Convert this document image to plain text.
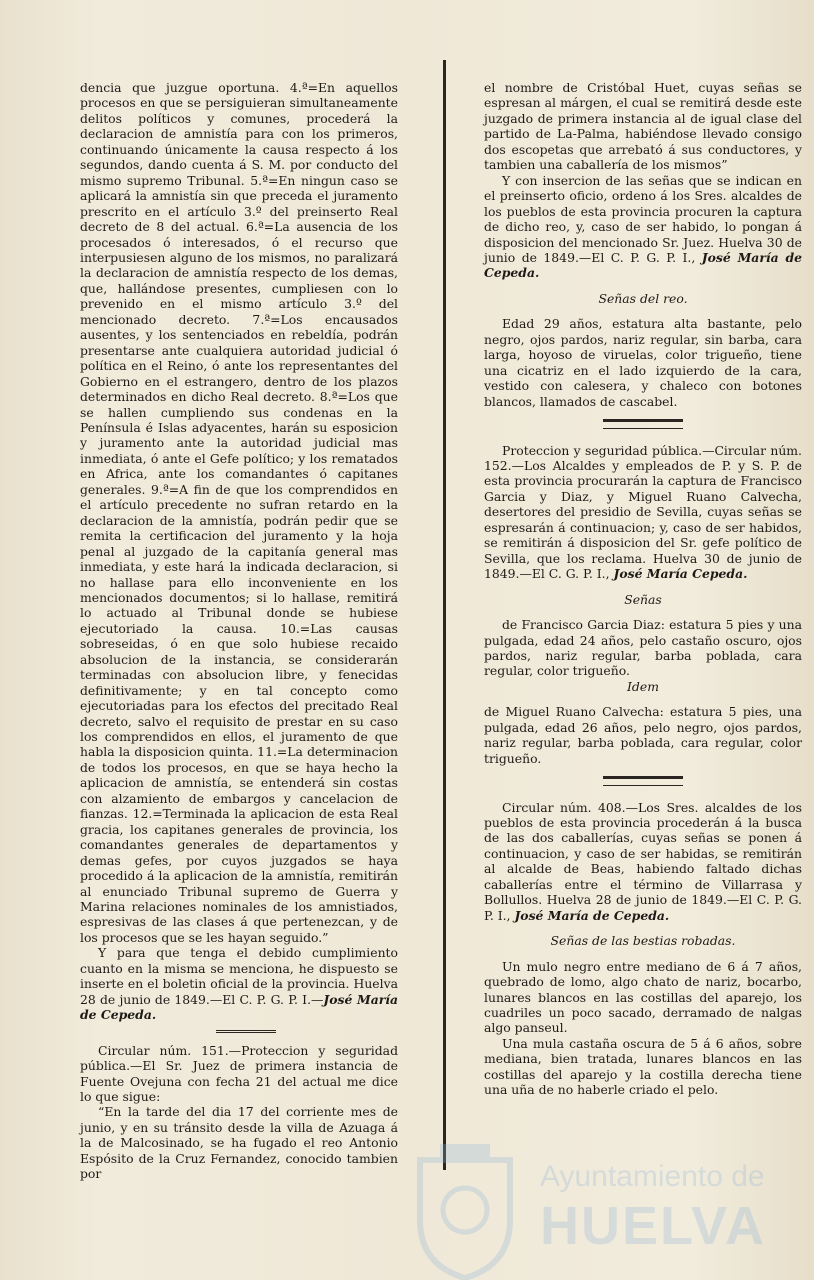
dencia que juzgue oportuna. 4.ª=En aquellos procesos en que se persiguieran simultaneamente delitos políticos y comunes, procederá la declaracion de amnistía para con los primeros, continuando únicamente la causa respecto á los segundos, dando cuenta á S. M. por conducto del mismo supremo Tribunal. 5.ª=En ningun caso se aplicará la amnistía sin que preceda el juramento prescrito en el artículo 3.º del preinserto Real decreto de 8 del actual. 6.ª=La ausencia de los procesados ó interesados, ó el recurso que interpusiesen alguno de los mismos, no paralizará la declaracion de amnistía respecto de los demas, que, hallándose presentes, cumpliesen con lo prevenido en el mismo artículo 3.º del mencionado decreto. 7.ª=Los encausados ausentes, y los sentenciados en rebeldía, podrán presentarse ante cualquiera autoridad judicial ó política en el Reino, ó ante los representantes del Gobierno en el estrangero, dentro de los plazos determinados en dicho Real decreto. 8.ª=Los que se hallen cumpliendo sus condenas en la Península é Islas adyacentes, harán su esposicion y juramento ante la autoridad judicial mas inmediata, ó ante el Gefe político; y los rematados en Africa, ante los comandantes ó capitanes generales. 9.ª=A fin de que los comprendidos en el artículo precedente no sufran retardo en la declaracion de la amnistía, podrán pedir que se remita la certificacion del juramento y la hoja penal al juzgado de la capitanía general mas inmediata, y este hará la indicada declaracion, si no hallase para ello inconveniente en los mencionados documentos; si lo hallase, remitirá lo actuado al Tribunal donde se hubiese ejecutoriado la causa. 10.=Las causas sobreseidas, ó en que solo hubiese recaido absolucion de la instancia, se considerarán terminadas con absolucion libre, y fenecidas definitivamente; y en tal concepto como ejecutoriadas para los efectos del precitado Real decreto, salvo el requisito de prestar en su caso los comprendidos en ellos, el juramento de que habla la disposicion quinta. 11.=La determinacion de todos los procesos, en que se haya hecho la aplicacion de amnistía, se entenderá sin costas con alzamiento de embargos y cancelacion de fianzas. 12.=Terminada la aplicacion de esta Real gracia, los capitanes generales de provincia, los comandantes generales de departamentos y demas gefes, por cuyos juzgados se haya procedido á la aplicacion de la amnistía, remitirán al enunciado Tribunal supremo de Guerra y Marina relaciones nominales de los amnistiados, espresivas de las clases á que pertenezcan, y de los procesos que se les hayan seguido.”

Y para que tenga el debido cumplimiento cuanto en la misma se menciona, he dispuesto se inserte en el boletin oficial de la provincia. Huelva 28 de junio de 1849.—El C. P. G. P. I.—José María de Cepeda.

Circular núm. 151.—Proteccion y seguridad pública.—El Sr. Juez de primera instancia de Fuente Ovejuna con fecha 21 del actual me dice lo que sigue:

“En la tarde del dia 17 del corriente mes de junio, y en su tránsito desde la villa de Azuaga á la de Malcosinado, se ha fugado el reo Antonio Espósito de la Cruz Fernandez, conocido tambien por

el nombre de Cristóbal Huet, cuyas señas se espresan al márgen, el cual se remitirá desde este juzgado de primera instancia al de igual clase del partido de La-Palma, habiéndose llevado consigo dos escopetas que arrebató á sus conductores, y tambien una caballería de los mismos”

Y con insercion de las señas que se indican en el preinserto oficio, ordeno á los Sres. alcaldes de los pueblos de esta provincia procuren la captura de dicho reo, y, caso de ser habido, lo pongan á disposicion del mencionado Sr. Juez. Huelva 30 de junio de 1849.—El C. P. G. P. I., José María de Cepeda.

Señas del reo.

Edad 29 años, estatura alta bastante, pelo negro, ojos pardos, nariz regular, sin barba, cara larga, hoyoso de viruelas, color trigueño, tiene una cicatriz en el lado izquierdo de la cara, vestido con calesera, y chaleco con botones blancos, llamados de cascabel.

Proteccion y seguridad pública.—Circular núm. 152.—Los Alcaldes y empleados de P. y S. P. de esta provincia procurarán la captura de Francisco Garcia y Diaz, y Miguel Ruano Calvecha, desertores del presidio de Sevilla, cuyas señas se espresarán á continuacion; y, caso de ser habidos, se remitirán á disposicion del Sr. gefe político de Sevilla, que los reclama. Huelva 30 de junio de 1849.—El C. G. P. I., José María Cepeda.

Señas

de Francisco Garcia Diaz: estatura 5 pies y una pulgada, edad 24 años, pelo castaño oscuro, ojos pardos, nariz regular, barba poblada, cara regular, color trigueño.

Idem

de Miguel Ruano Calvecha: estatura 5 pies, una pulgada, edad 26 años, pelo negro, ojos pardos, nariz regular, barba poblada, cara regular, color trigueño.

Circular núm. 408.—Los Sres. alcaldes de los pueblos de esta provincia procederán á la busca de las dos caballerías, cuyas señas se ponen á continuacion, y caso de ser habidas, se remitirán al alcalde de Beas, habiendo faltado dichas caballerías entre el término de Villarrasa y Bollullos. Huelva 28 de junio de 1849.—El C. P. G. P. I., José María de Cepeda.

Señas de las bestias robadas.

Un mulo negro entre mediano de 6 á 7 años, quebrado de lomo, algo chato de nariz, bocarbo, lunares blancos en las costillas del aparejo, los cuadriles un poco sacado, derramado de nalgas algo panseul.

Una mula castaña oscura de 5 á 6 años, sobre mediana, bien tratada, lunares blancos en las costillas del aparejo y la costilla derecha tiene una uña de no haberle criado el pelo.

Ayuntamiento de
HUELVA
